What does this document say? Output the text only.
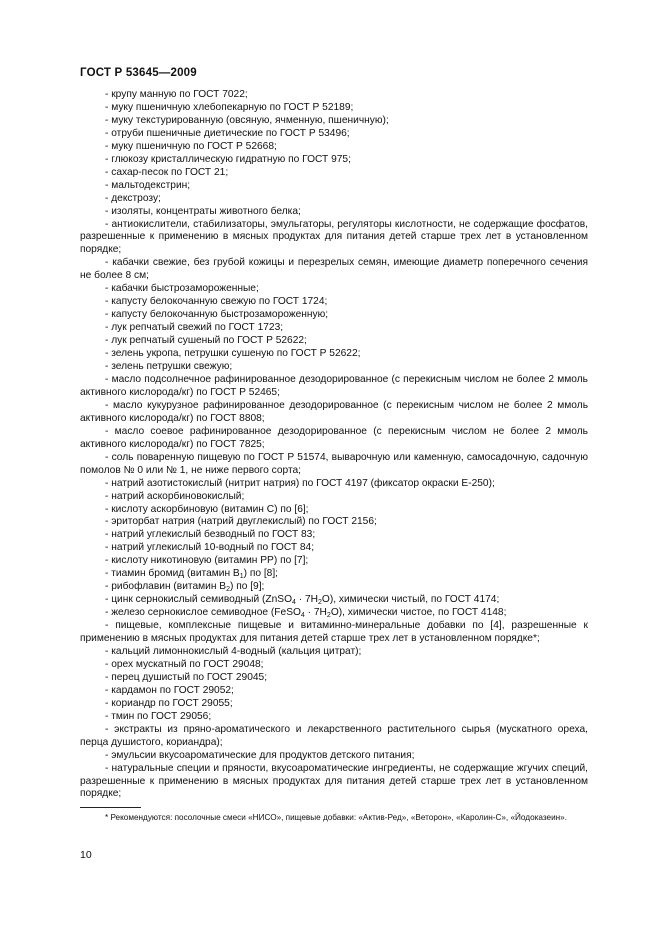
ГОСТ Р 53645—2009

- крупу манную по ГОСТ 7022;

- муку пшеничную хлебопекарную по ГОСТ Р 52189;

- муку текстурированную (овсяную, ячменную, пшеничную);

- отруби пшеничные диетические по ГОСТ Р 53496;

- муку пшеничную по ГОСТ Р 52668;

- глюкозу кристаллическую гидратную по ГОСТ 975;

- сахар-песок по ГОСТ 21;

- мальтодекстрин;

- декстрозу;

- изоляты, концентраты животного белка;

- антиокислители, стабилизаторы, эмульгаторы, регуляторы кислотности, не содержащие фосфатов, разрешенные к применению в мясных продуктах для питания детей старше трех лет в установленном порядке;

- кабачки свежие, без грубой кожицы и перезрелых семян, имеющие диаметр поперечного сечения не более 8 см;

- кабачки быстрозамороженные;

- капусту белокочанную свежую по ГОСТ 1724;

- капусту белокочанную быстрозамороженную;

- лук репчатый свежий по ГОСТ 1723;

- лук репчатый сушеный по ГОСТ Р 52622;

- зелень укропа, петрушки сушеную по ГОСТ Р 52622;

- зелень петрушки свежую;

- масло подсолнечное рафинированное дезодорированное (с перекисным числом не более 2 ммоль активного кислорода/кг) по ГОСТ Р 52465;

- масло кукурузное рафинированное дезодорированное (с перекисным числом не более 2 ммоль активного кислорода/кг) по ГОСТ 8808;

- масло соевое рафинированное дезодорированное (с перекисным числом не более 2 ммоль активного кислорода/кг) по ГОСТ 7825;

- соль поваренную пищевую по ГОСТ Р 51574, выварочную или каменную, самосадочную, садочную помолов № 0 или № 1, не ниже первого сорта;

- натрий азотистокислый (нитрит натрия) по ГОСТ 4197 (фиксатор окраски Е-250);

- натрий аскорбиновокислый;

- кислоту аскорбиновую (витамин С) по [6];

- эриторбат натрия (натрий двуглекислый) по ГОСТ 2156;

- натрий углекислый безводный по ГОСТ 83;

- натрий углекислый 10-водный по ГОСТ 84;

- кислоту никотиновую (витамин РР) по [7];

- тиамин бромид (витамин $В_1$) по [8];

- рибофлавин (витамин $В_2$) по [9];

- цинк сернокислый семиводный (ZnSO$_4$ · $7H_2O$), химически чистый, по ГОСТ 4174;

- железо сернокислое семиводное (FeSO$_4$ · $7H_2O$), химически чистое, по ГОСТ 4148;

- пищевые, комплексные пищевые и витаминно-минеральные добавки по [4], разрешенные к применению в мясных продуктах для питания детей старше трех лет в установленном порядке*;

- кальций лимоннокислый 4-водный (кальция цитрат);

- орех мускатный по ГОСТ 29048;

- перец душистый по ГОСТ 29045;

- кардамон по ГОСТ 29052;

- кориандр по ГОСТ 29055;

- тмин по ГОСТ 29056;

- экстракты из пряно-ароматического и лекарственного растительного сырья (мускатного ореха, перца душистого, кориандра);

- эмульсии вкусоароматические для продуктов детского питания;

- натуральные специи и пряности, вкусоароматические ингредиенты, не содержащие жгучих специй, разрешенные к применению в мясных продуктах для питания детей старше трех лет в установленном порядке;

* Рекомендуются: посолочные смеси «НИСО», пищевые добавки: «Актив-Ред», «Веторон», «Каролин-С», «Йодоказеин».
10
